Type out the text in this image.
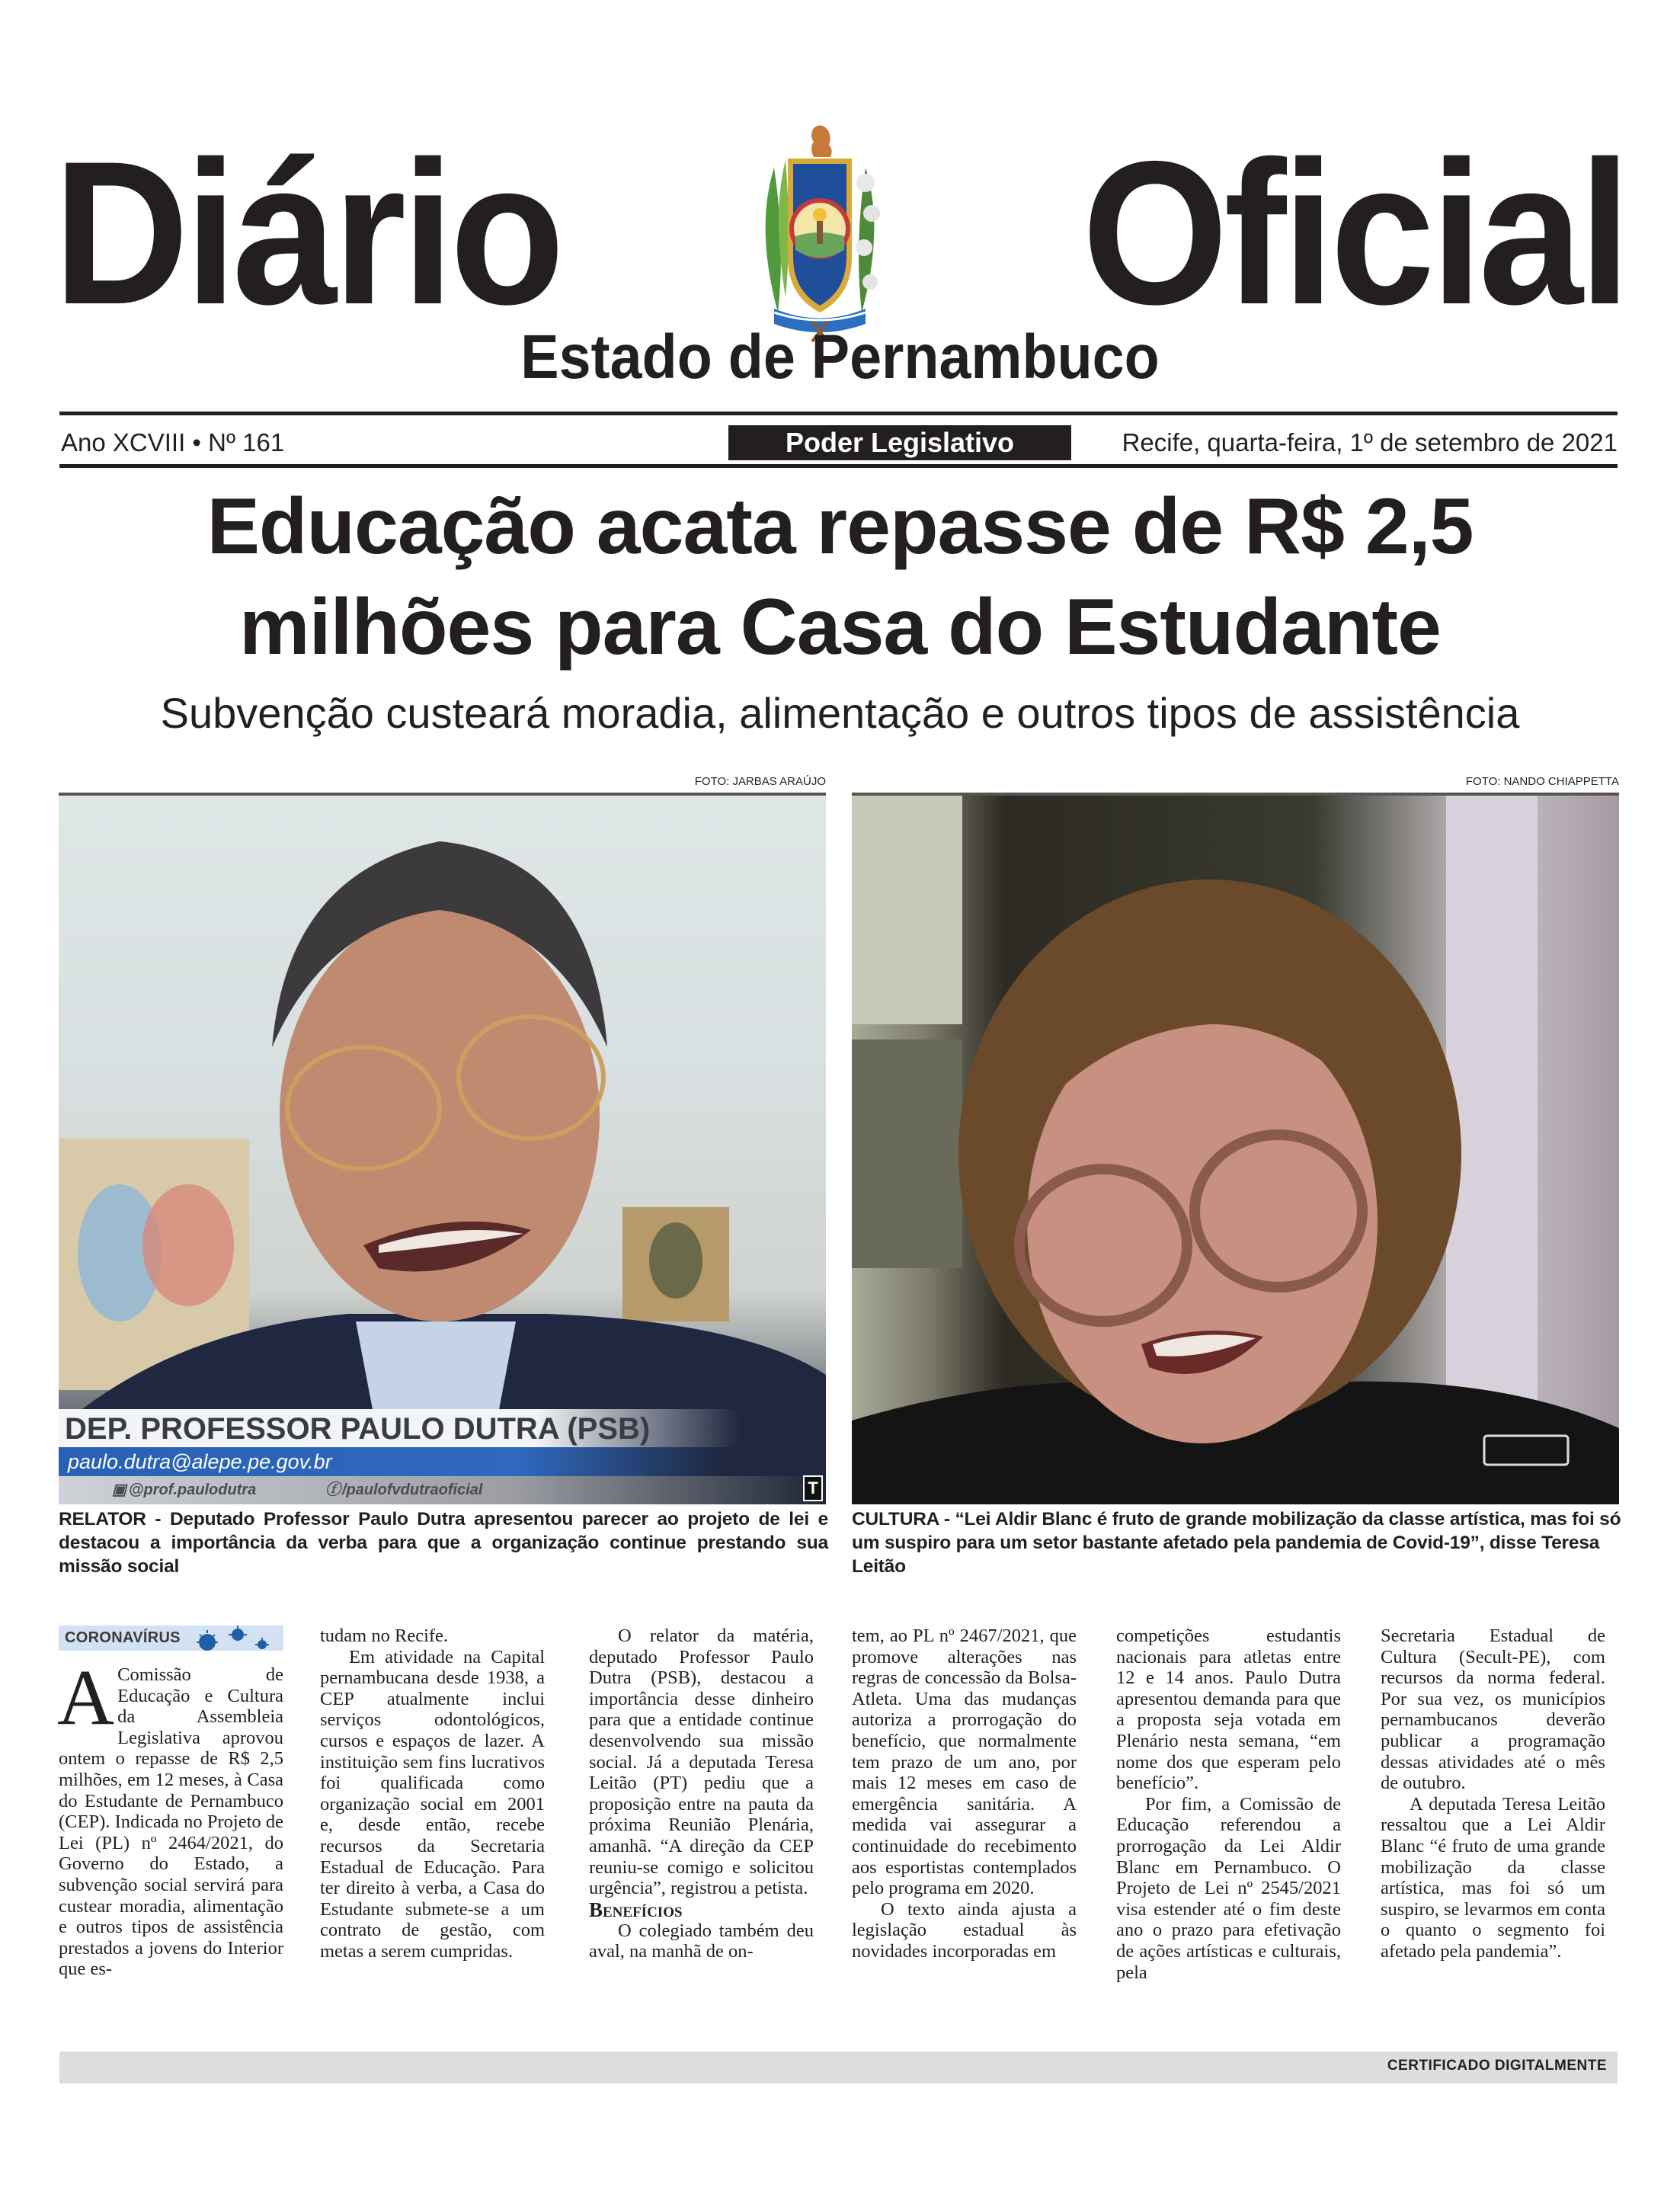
Diário	Oficial
Estado de Pernambuco
Ano XCVIII • Nº 161	Poder Legislativo	Recife, quarta-feira, 1º de setembro de 2021
Educação acata repasse de R$ 2,5
milhões para Casa do Estudante
Subvenção custeará moradia, alimentação e outros tipos de assistência
FOTO: JARBAS ARAÚJO
DEP. PROFESSOR PAULO DUTRA (PSB)
paulo.dutra@alepe.pe.gov.br
▣ @prof.paulodutra	ⓕ /paulofvdutraoficial	T
RELATOR - Deputado Professor Paulo Dutra apresentou parecer ao projeto de lei e destacou a importância da verba para que a organização continue prestando sua missão social
FOTO: NANDO CHIAPPETTA
CULTURA - “Lei Aldir Blanc é fruto de grande mobilização da classe artística, mas foi só um suspiro para um setor bastante afetado pela pandemia de Covid-19”, disse Teresa Leitão
CORONAVÍRUS

A Comissão de Educação e Cultura da Assembleia Legislativa aprovou ontem o repasse de R$ 2,5 milhões, em 12 meses, à Casa do Estudante de Pernambuco (CEP). Indicada no Projeto de Lei (PL) nº 2464/2021, do Governo do Estado, a subvenção social servirá para custear moradia, alimentação e outros tipos de assistência prestados a jovens do Interior que es-

tudam no Recife.

Em atividade na Capital pernambucana desde 1938, a CEP atualmente inclui serviços odontológicos, cursos e espaços de lazer. A instituição sem fins lucrativos foi qualificada como organização social em 2001 e, desde então, recebe recursos da Secretaria Estadual de Educação. Para ter direito à verba, a Casa do Estudante submete-se a um contrato de gestão, com metas a serem cumpridas.

O relator da matéria, deputado Professor Paulo Dutra (PSB), destacou a importância desse dinheiro para que a entidade continue desenvolvendo sua missão social. Já a deputada Teresa Leitão (PT) pediu que a proposição entre na pauta da próxima Reunião Plenária, amanhã. “A direção da CEP reuniu-se comigo e solicitou urgência”, registrou a petista.

Benefícios

O colegiado também deu aval, na manhã de on-

tem, ao PL nº 2467/2021, que promove alterações nas regras de concessão da Bolsa-Atleta. Uma das mudanças autoriza a prorrogação do benefício, que normalmente tem prazo de um ano, por mais 12 meses em caso de emergência sanitária. A medida vai assegurar a continuidade do recebimento aos esportistas contemplados pelo programa em 2020.

O texto ainda ajusta a legislação estadual às novidades incorporadas em

competições estudantis nacionais para atletas entre 12 e 14 anos. Paulo Dutra apresentou demanda para que a proposta seja votada em Plenário nesta semana, “em nome dos que esperam pelo benefício”.

Por fim, a Comissão de Educação referendou a prorrogação da Lei Aldir Blanc em Pernambuco. O Projeto de Lei nº 2545/2021 visa estender até o fim deste ano o prazo para efetivação de ações artísticas e culturais, pela

Secretaria Estadual de Cultura (Secult-PE), com recursos da norma federal. Por sua vez, os municípios pernambucanos deverão publicar a programação dessas atividades até o mês de outubro.

A deputada Teresa Leitão ressaltou que a Lei Aldir Blanc “é fruto de uma grande mobilização da classe artística, mas foi só um suspiro, se levarmos em conta o quanto o segmento foi afetado pela pandemia”.

CERTIFICADO DIGITALMENTE
